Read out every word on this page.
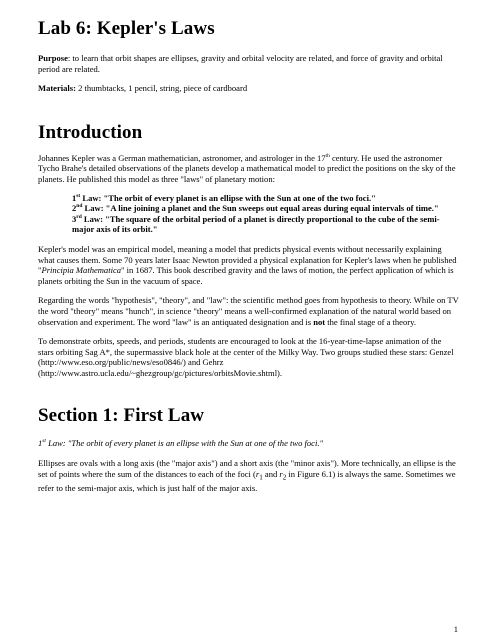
Lab 6: Kepler's Laws

Purpose: to learn that orbit shapes are ellipses, gravity and orbital velocity are related, and force of gravity and orbital period are related.

Materials: 2 thumbtacks, 1 pencil, string, piece of cardboard

Introduction

Johannes Kepler was a German mathematician, astronomer, and astrologer in the 17th century. He used the astronomer Tycho Brahe's detailed observations of the planets develop a mathematical model to predict the positions on the sky of the planets. He published this model as three "laws" of planetary motion:

1st Law: "The orbit of every planet is an ellipse with the Sun at one of the two foci."
2nd Law: "A line joining a planet and the Sun sweeps out equal areas during equal intervals of time."
3rd Law: "The square of the orbital period of a planet is directly proportional to the cube of the semi-major axis of its orbit."

Kepler's model was an empirical model, meaning a model that predicts physical events without necessarily explaining what causes them. Some 70 years later Isaac Newton provided a physical explanation for Kepler's laws when he published "Principia Mathematica" in 1687. This book described gravity and the laws of motion, the perfect application of which is planets orbiting the Sun in the vacuum of space.

Regarding the words "hypothesis", "theory", and "law": the scientific method goes from hypothesis to theory. While on TV the word "theory" means "hunch", in science "theory" means a well-confirmed explanation of the natural world based on observation and experiment. The word "law" is an antiquated designation and is not the final stage of a theory.

To demonstrate orbits, speeds, and periods, students are encouraged to look at the 16-year-time-lapse animation of the stars orbiting Sag A*, the supermassive black hole at the center of the Milky Way. Two groups studied these stars: Genzel (http://www.eso.org/public/news/eso0846/) and Gehrz (http://www.astro.ucla.edu/~ghezgroup/gc/pictures/orbitsMovie.shtml).

Section 1: First Law

1st Law: "The orbit of every planet is an ellipse with the Sun at one of the two foci."

Ellipses are ovals with a long axis (the "major axis") and a short axis (the "minor axis"). More technically, an ellipse is the set of points where the sum of the distances to each of the foci ($r_1$ and $r_2$ in Figure 6.1) is always the same. Sometimes we refer to the semi-major axis, which is just half of the major axis.

1
